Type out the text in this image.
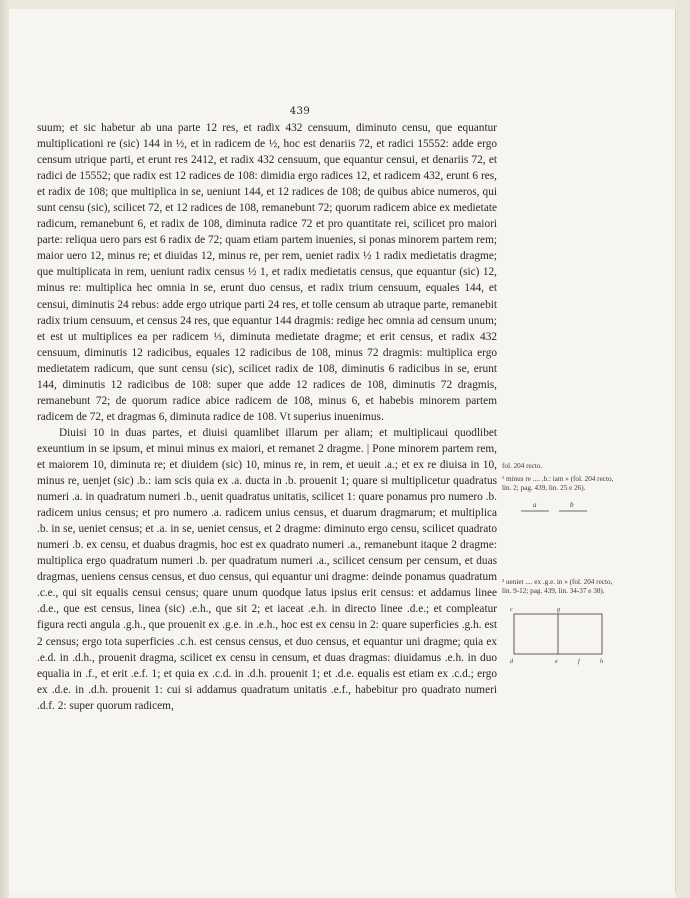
439

suum; et sic habetur ab una parte 12 res, et radix 432 censuum, diminuto censu, que equantur multiplicationi re (sic) 144 in ½, et in radicem de ½, hoc est denariis 72, et radici 15552: adde ergo censum utrique parti, et erunt res 2412, et radix 432 censuum, que equantur censui, et denariis 72, et radici de 15552; que radix est 12 radices de 108: dimidia ergo radices 12, et radicem 432, erunt 6 res, et radix de 108; que multiplica in se, ueniunt 144, et 12 radices de 108; de quibus abice numeros, qui sunt censu (sic), scilicet 72, et 12 radices de 108, remanebunt 72; quorum radicem abice ex medietate radicum, remanebunt 6, et radix de 108, diminuta radice 72 et pro quantitate rei, scilicet pro maiori parte: reliqua uero pars est 6 radix de 72; quam etiam partem inuenies, si ponas minorem partem rem; maior uero 12, minus re; et diuidas 12, minus re, per rem, ueniet radix ½ 1 radix medietatis dragme; que multiplicata in rem, ueniunt radix census ½ 1, et radix medietatis census, que equantur (sic) 12, minus re: multiplica hec omnia in se, erunt duo census, et radix trium censuum, equales 144, et censui, diminutis 24 rebus: adde ergo utrique parti 24 res, et tolle censum ab utraque parte, remanebit radix trium censuum, et census 24 res, que equantur 144 dragmis: redige hec omnia ad censum unum; et est ut multiplices ea per radicem ⅓, diminuta medietate dragme; et erit census, et radix 432 censuum, diminutis 12 radicibus, equales 12 radicibus de 108, minus 72 dragmis: multiplica ergo medietatem radicum, que sunt censu (sic), scilicet radix de 108, diminutis 6 radicibus in se, erunt 144, diminutis 12 radicibus de 108: super que adde 12 radices de 108, diminutis 72 dragmis, remanebunt 72; de quorum radice abice radicem de 108, minus 6, et habebis minorem partem radicem de 72, et dragmas 6, diminuta radice de 108. Vt superius inuenimus.

Diuisi 10 in duas partes, et diuisi quamlibet illarum per aliam; et multiplicaui quodlibet exeuntium in se ipsum, et minui minus ex maiori, et remanet 2 dragme. | Pone minorem partem rem, et maiorem 10, diminuta re; et diuidem (sic) 10, minus re, in rem, et ueuit .a.; et ex re diuisa in 10, minus re, uenjet (sic) .b.: iam scis quia ex .a. ducta in .b. prouenit 1; quare si multiplicetur quadratus numeri .a. in quadratum numeri .b., uenit quadratus unitatis, scilicet 1: quare ponamus pro numero .b. radicem unius census; et pro numero .a. radicem unius census, et duarum dragmarum; et multiplica .b. in se, ueniet census; et .a. in se, ueniet census, et 2 dragme: diminuto ergo censu, scilicet quadrato numeri .b. ex censu, et duabus dragmis, hoc est ex quadrato numeri .a., remanebunt itaque 2 dragme: multiplica ergo quadratum numeri .b. per quadratum numeri .a., scilicet censum per censum, et duas dragmas, ueniens census census, et duo census, qui equantur uni dragme: deinde ponamus quadratum .c.e., qui sit equalis censui census; quare unum quodque latus ipsius erit census: et addamus linee .d.e., que est census, linea (sic) .e.h., que sit 2; et iaceat .e.h. in directo linee .d.e.; et compleatur figura recti angula .g.h., que prouenit ex .g.e. in .e.h., hoc est ex censu in 2: quare superficies .g.h. est 2 census; ergo tota superficies .c.h. est census census, et duo census, et equantur uni dragme; quia ex .e.d. in .d.h., prouenit dragma, scilicet ex censu in censum, et duas dragmas: diuidamus .e.h. in duo equalia in .f., et erit .e.f. 1; et quia ex .c.d. in .d.h. prouenit 1; et .d.e. equalis est etiam ex .c.d.; ergo ex .d.e. in .d.h. prouenit 1: cui si addamus quadratum unitatis .e.f., habebitur pro quadrato numeri .d.f. 2: super quorum radicem,

fol. 204 recto.
¹ minus re .... .b.: iam » (fol. 204 recto, lin. 2; pag. 439, lin. 25 e 26).
a	b
² ueniet .... ex .g.e. in » (fol. 204 recto, lin. 9-12; pag. 439, lin. 34-37 e 38).
c	g
d	e	f	h
